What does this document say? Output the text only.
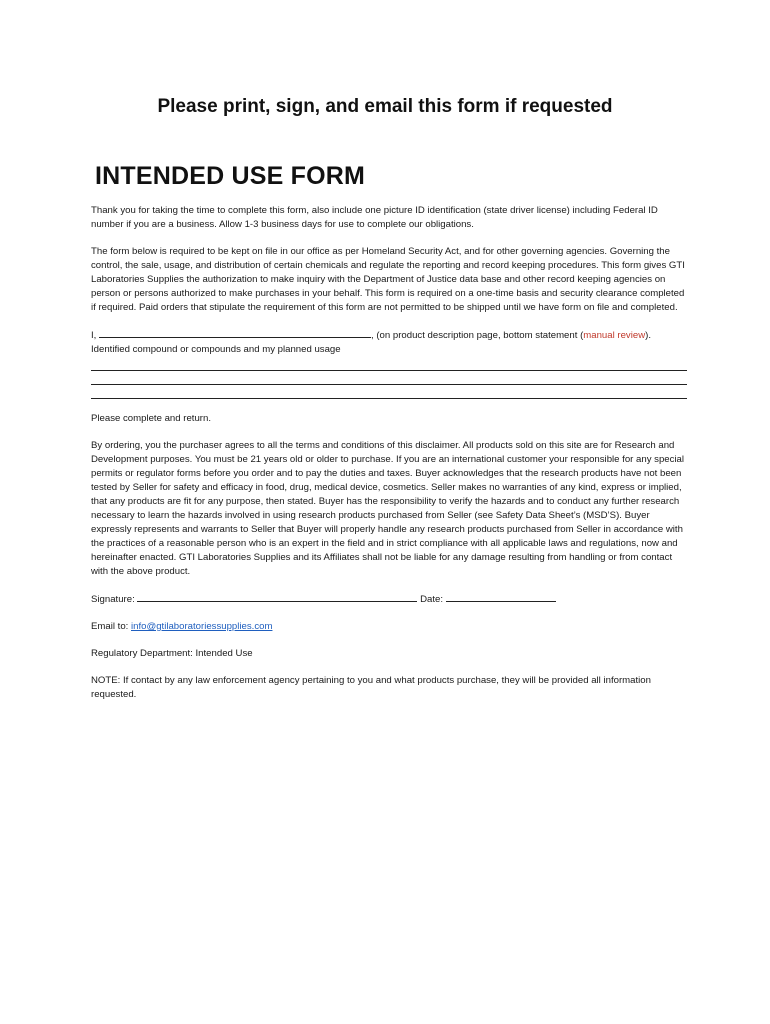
Please print, sign, and email this form if requested
INTENDED USE FORM

Thank you for taking the time to complete this form, also include one picture ID identification (state driver license) including Federal ID number if you are a business. Allow 1-3 business days for use to complete our obligations.

The form below is required to be kept on file in our office as per Homeland Security Act, and for other governing agencies. Governing the control, the sale, usage, and distribution of certain chemicals and regulate the reporting and record keeping procedures. This form gives GTI Laboratories Supplies the authorization to make inquiry with the Department of Justice data base and other record keeping agencies on person or persons authorized to make purchases in your behalf. This form is required on a one-time basis and security clearance completed if required. Paid orders that stipulate the requirement of this form are not permitted to be shipped until we have form on file and completed.

I,	, (on product description page, bottom statement (manual review).
Identified compound or compounds and my planned usage

Please complete and return.

By ordering, you the purchaser agrees to all the terms and conditions of this disclaimer. All products sold on this site are for Research and Development purposes. You must be 21 years old or older to purchase. If you are an international customer your responsible for any special permits or regulator forms before you order and to pay the duties and taxes. Buyer acknowledges that the research products have not been tested by Seller for safety and efficacy in food, drug, medical device, cosmetics. Seller makes no warranties of any kind, express or implied, that any products are fit for any purpose, then stated. Buyer has the responsibility to verify the hazards and to conduct any further research necessary to learn the hazards involved in using research products purchased from Seller (see Safety Data Sheet’s (MSD’S). Buyer expressly represents and warrants to Seller that Buyer will properly handle any research products purchased from Seller in accordance with the practices of a reasonable person who is an expert in the field and in strict compliance with all applicable laws and regulations, now and hereinafter enacted. GTI Laboratories Supplies and its Affiliates shall not be liable for any damage resulting from handling or from contact with the above product.

Signature:	Date:

Email to: info@gtilaboratoriessupplies.com

Regulatory Department: Intended Use

NOTE: If contact by any law enforcement agency pertaining to you and what products purchase, they will be provided all information requested.
